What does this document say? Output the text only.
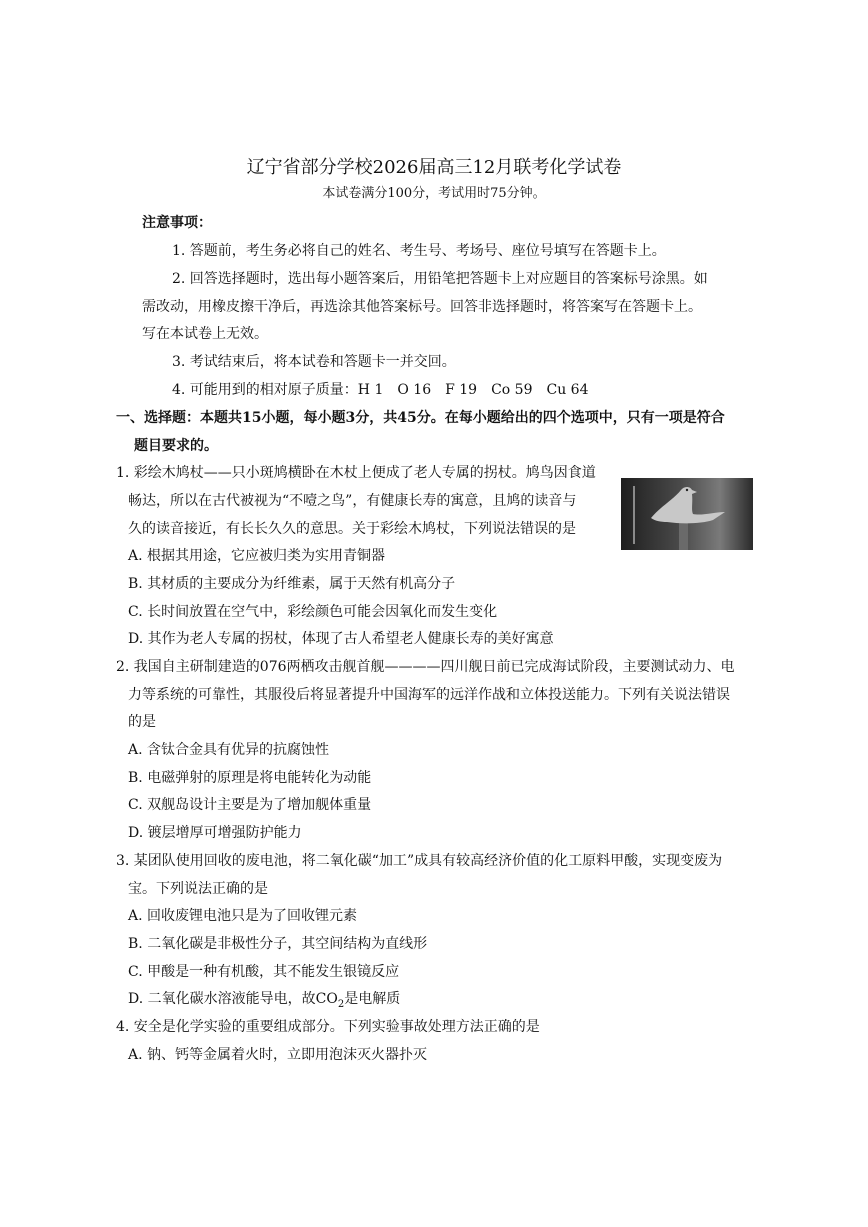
辽宁省部分学校2026届高三12月联考化学试卷
本试卷满分100分，考试用时75分钟。
注意事项：
1. 答题前，考生务必将自己的姓名、考生号、考场号、座位号填写在答题卡上。
2. 回答选择题时，选出每小题答案后，用铅笔把答题卡上对应题目的答案标号涂黑。如
需改动，用橡皮擦干净后，再选涂其他答案标号。回答非选择题时，将答案写在答题卡上。
写在本试卷上无效。
3. 考试结束后，将本试卷和答题卡一并交回。
4. 可能用到的相对原子质量：H 1　O 16　F 19　Co 59　Cu 64
一、选择题：本题共15小题，每小题3分，共45分。在每小题给出的四个选项中，只有一项是符合
题目要求的。
1. 彩绘木鸠杖——只小斑鸠横卧在木杖上便成了老人专属的拐杖。鸠鸟因食道
畅达，所以在古代被视为“不噎之鸟”，有健康长寿的寓意，且鸠的读音与
久的读音接近，有长长久久的意思。关于彩绘木鸠杖，下列说法错误的是
A. 根据其用途，它应被归类为实用青铜器
B. 其材质的主要成分为纤维素，属于天然有机高分子
C. 长时间放置在空气中，彩绘颜色可能会因氧化而发生变化
D. 其作为老人专属的拐杖，体现了古人希望老人健康长寿的美好寓意
2. 我国自主研制建造的076两栖攻击舰首舰————四川舰日前已完成海试阶段，主要测试动力、电
力等系统的可靠性，其服役后将显著提升中国海军的远洋作战和立体投送能力。下列有关说法错误
的是
A. 含钛合金具有优异的抗腐蚀性
B. 电磁弹射的原理是将电能转化为动能
C. 双舰岛设计主要是为了增加舰体重量
D. 镀层增厚可增强防护能力
3. 某团队使用回收的废电池，将二氧化碳“加工”成具有较高经济价值的化工原料甲酸，实现变废为
宝。下列说法正确的是
A. 回收废锂电池只是为了回收锂元素
B. 二氧化碳是非极性分子，其空间结构为直线形
C. 甲酸是一种有机酸，其不能发生银镜反应
D. 二氧化碳水溶液能导电，故$CO_2$是电解质
4. 安全是化学实验的重要组成部分。下列实验事故处理方法正确的是
A. 钠、钙等金属着火时，立即用泡沫灭火器扑灭
